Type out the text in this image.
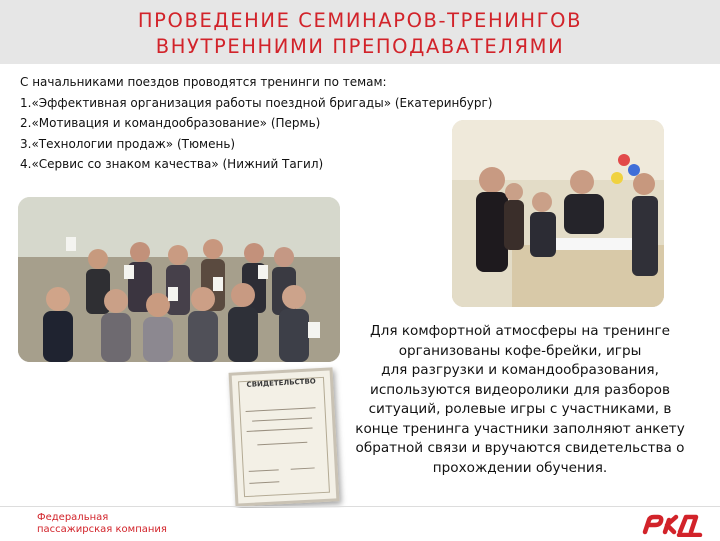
ПРОВЕДЕНИЕ СЕМИНАРОВ-ТРЕНИНГОВ
ВНУТРЕННИМИ ПРЕПОДАВАТЕЛЯМИ
С начальниками поездов проводятся тренинги по темам:
1.«Эффективная организация работы поездной бригады» (Екатеринбург)
2.«Мотивация и командообразование» (Пермь)
3.«Технологии продаж» (Тюмень)
4.«Сервис со знаком качества» (Нижний Тагил)
СВИДЕТЕЛЬСТВО
Для комфортной атмосферы на тренинге
организованы кофе-брейки, игры
для разгрузки и командообразования,
используются видеоролики для разборов
ситуаций, ролевые игры с участниками, в
конце тренинга участники заполняют анкету
обратной связи и вручаются свидетельства о
прохождении обучения.
Федеральная
пассажирская компания
